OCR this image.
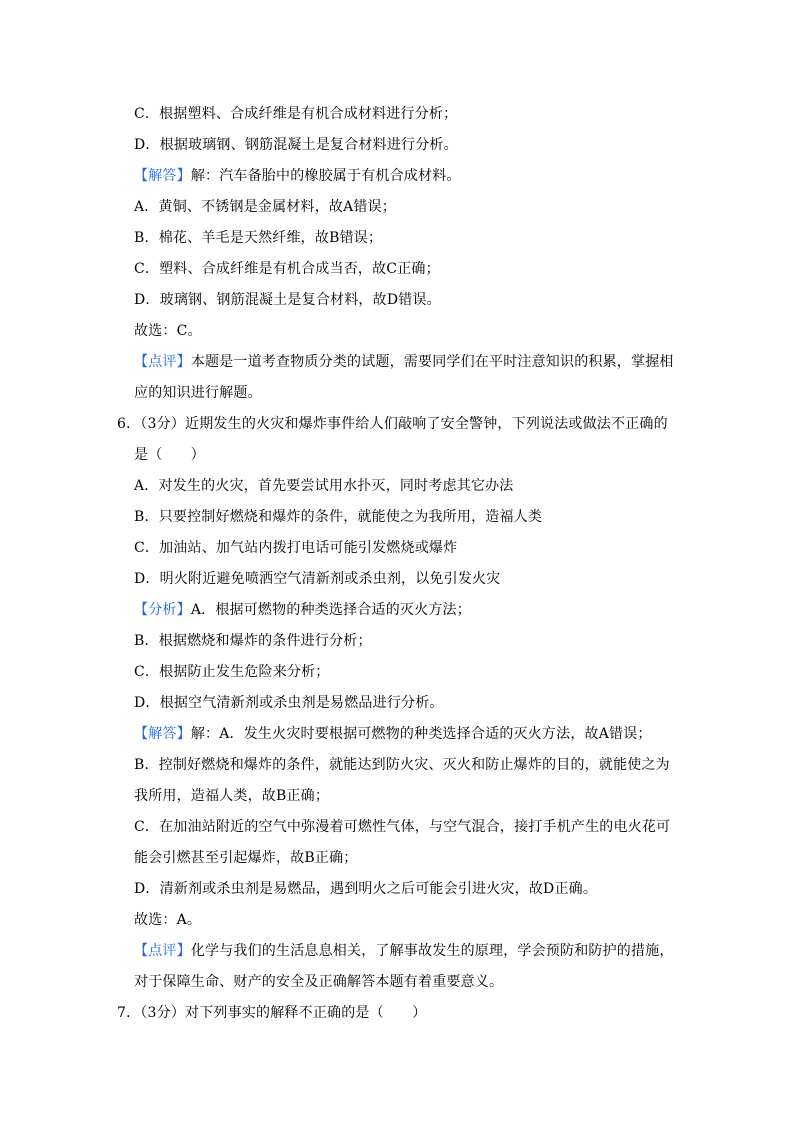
C．根据塑料、合成纤维是有机合成材料进行分析；
D．根据玻璃钢、钢筋混凝土是复合材料进行分析。
【解答】解：汽车备胎中的橡胶属于有机合成材料。
A．黄铜、不锈钢是金属材料，故A错误；
B．棉花、羊毛是天然纤维，故B错误；
C．塑料、合成纤维是有机合成当否，故C正确；
D．玻璃钢、钢筋混凝土是复合材料，故D错误。
故选：C。
【点评】本题是一道考查物质分类的试题，需要同学们在平时注意知识的积累，掌握相
应的知识进行解题。
6．（3分）近期发生的火灾和爆炸事件给人们敲响了安全警钟，下列说法或做法不正确的
是（　　）
A．对发生的火灾，首先要尝试用水扑灭，同时考虑其它办法
B．只要控制好燃烧和爆炸的条件，就能使之为我所用，造福人类
C．加油站、加气站内拨打电话可能引发燃烧或爆炸
D．明火附近避免喷洒空气清新剂或杀虫剂，以免引发火灾
【分析】A．根据可燃物的种类选择合适的灭火方法；
B．根据燃烧和爆炸的条件进行分析；
C．根据防止发生危险来分析；
D．根据空气清新剂或杀虫剂是易燃品进行分析。
【解答】解：A．发生火灾时要根据可燃物的种类选择合适的灭火方法，故A错误；
B．控制好燃烧和爆炸的条件，就能达到防火灾、灭火和防止爆炸的目的，就能使之为
我所用，造福人类，故B正确；
C．在加油站附近的空气中弥漫着可燃性气体，与空气混合，接打手机产生的电火花可
能会引燃甚至引起爆炸，故B正确；
D．清新剂或杀虫剂是易燃品，遇到明火之后可能会引进火灾，故D正确。
故选：A。
【点评】化学与我们的生活息息相关，了解事故发生的原理，学会预防和防护的措施，
对于保障生命、财产的安全及正确解答本题有着重要意义。
7．（3分）对下列事实的解释不正确的是（　　）
